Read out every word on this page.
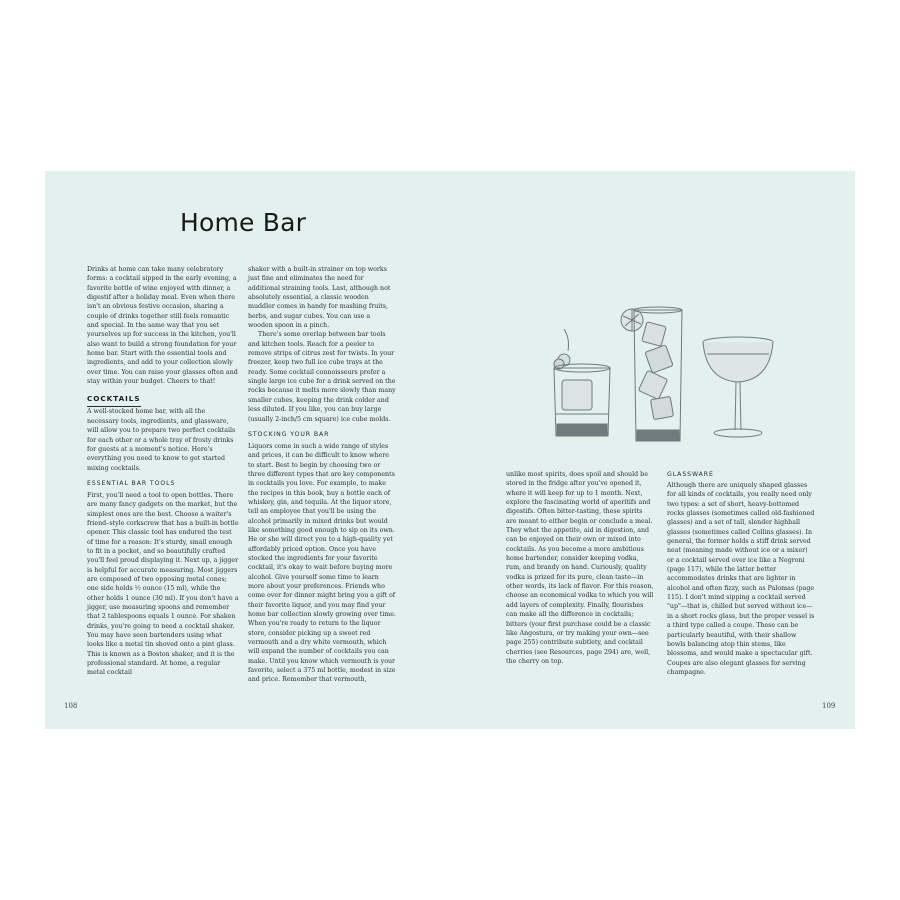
Home Bar

Drinks at home can take many celebratory forms: a cocktail sipped in the early evening, a favorite bottle of wine enjoyed with dinner, a digestif after a holiday meal. Even when there isn't an obvious festive occasion, sharing a couple of drinks together still feels romantic and special. In the same way that you set yourselves up for success in the kitchen, you'll also want to build a strong foundation for your home bar. Start with the essential tools and ingredients, and add to your collection slowly over time. You can raise your glasses often and stay within your budget. Cheers to that!

COCKTAILS

A well-stocked home bar, with all the necessary tools, ingredients, and glassware, will allow you to prepare two perfect cocktails for each other or a whole tray of frosty drinks for guests at a moment's notice. Here's everything you need to know to get started mixing cocktails.

ESSENTIAL BAR TOOLS

First, you'll need a tool to open bottles. There are many fancy gadgets on the market, but the simplest ones are the best. Choose a waiter's friend–style corkscrew that has a built-in bottle opener. This classic tool has endured the test of time for a reason: It's sturdy, small enough to fit in a pocket, and so beautifully crafted you'll feel proud displaying it. Next up, a jigger is helpful for accurate measuring. Most jiggers are composed of two opposing metal cones; one side holds ½ ounce (15 ml), while the other holds 1 ounce (30 ml). If you don't have a jigger, use measuring spoons and remember that 2 tablespoons equals 1 ounce. For shaken drinks, you're going to need a cocktail shaker. You may have seen bartenders using what looks like a metal tin shoved onto a pint glass. This is known as a Boston shaker, and it is the professional standard. At home, a regular metal cocktail

shaker with a built-in strainer on top works just fine and eliminates the need for additional straining tools. Last, although not absolutely essential, a classic wooden muddler comes in handy for mashing fruits, herbs, and sugar cubes. You can use a wooden spoon in a pinch.

There's some overlap between bar tools and kitchen tools. Reach for a peeler to remove strips of citrus zest for twists. In your freezer, keep two full ice cube trays at the ready. Some cocktail connoisseurs prefer a single large ice cube for a drink served on the rocks because it melts more slowly than many smaller cubes, keeping the drink colder and less diluted. If you like, you can buy large (usually 2-inch/5 cm square) ice cube molds.

STOCKING YOUR BAR

Liquors come in such a wide range of styles and prices, it can be difficult to know where to start. Best to begin by choosing two or three different types that are key components in cocktails you love. For example, to make the recipes in this book, buy a bottle each of whiskey, gin, and tequila. At the liquor store, tell an employee that you'll be using the alcohol primarily in mixed drinks but would like something good enough to sip on its own. He or she will direct you to a high-quality yet affordably priced option. Once you have stocked the ingredients for your favorite cocktail, it's okay to wait before buying more alcohol. Give yourself some time to learn more about your preferences. Friends who come over for dinner might bring you a gift of their favorite liquor, and you may find your home bar collection slowly growing over time. When you're ready to return to the liquor store, consider picking up a sweet red vermouth and a dry white vermouth, which will expand the number of cocktails you can make. Until you know which vermouth is your favorite, select a 375 ml bottle, modest in size and price. Remember that vermouth,

unlike most spirits, does spoil and should be stored in the fridge after you've opened it, where it will keep for up to 1 month. Next, explore the fascinating world of aperitifs and digestifs. Often bitter-tasting, these spirits are meant to either begin or conclude a meal. They whet the appetite, aid in digestion, and can be enjoyed on their own or mixed into cocktails. As you become a more ambitious home bartender, consider keeping vodka, rum, and brandy on hand. Curiously, quality vodka is prized for its pure, clean taste—in other words, its lack of flavor. For this reason, choose an economical vodka to which you will add layers of complexity. Finally, flourishes can make all the difference in cocktails; bitters (your first purchase could be a classic like Angostura, or try making your own—see page 255) contribute subtlety, and cocktail cherries (see Resources, page 294) are, well, the cherry on top.

GLASSWARE

Although there are uniquely shaped glasses for all kinds of cocktails, you really need only two types: a set of short, heavy-bottomed rocks glasses (sometimes called old-fashioned glasses) and a set of tall, slender highball glasses (sometimes called Collins glasses). In general, the former holds a stiff drink served neat (meaning made without ice or a mixer) or a cocktail served over ice like a Negroni (page 117), while the latter better accommodates drinks that are lighter in alcohol and often fizzy, such as Palomas (page 115). I don't mind sipping a cocktail served "up"—that is, chilled but served without ice—in a short rocks glass, but the proper vessel is a third type called a coupe. These can be particularly beautiful, with their shallow bowls balancing atop thin stems, like blossoms, and would make a spectacular gift. Coupes are also elegant glasses for serving champagne.

108	109
